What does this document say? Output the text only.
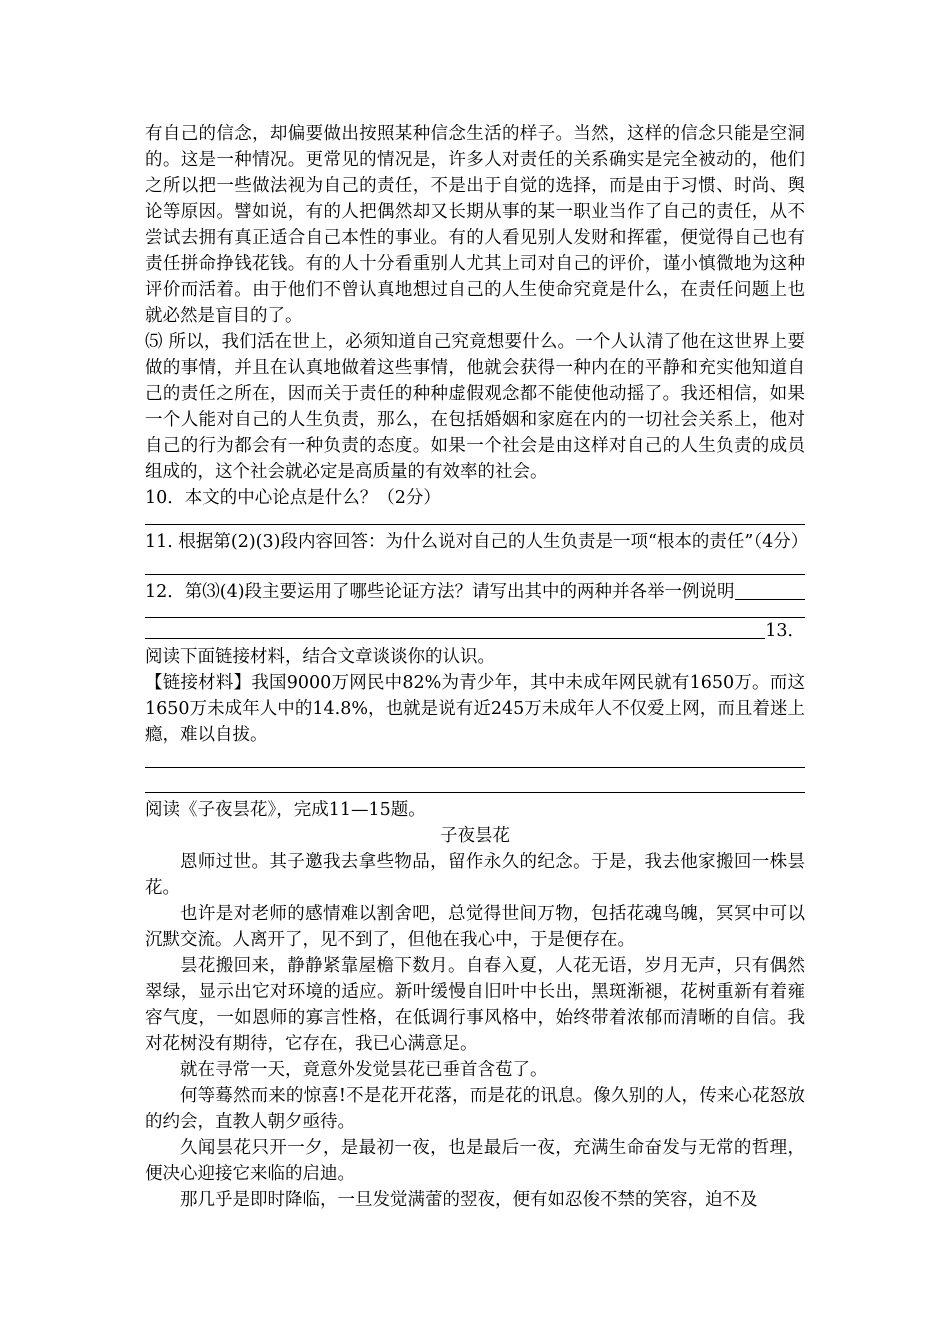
有自己的信念，却偏要做出按照某种信念生活的样子。当然，这样的信念只能是空洞的。这是一种情况。更常见的情况是，许多人对责任的关系确实是完全被动的，他们之所以把一些做法视为自己的责任，不是出于自觉的选择，而是由于习惯、时尚、舆论等原因。譬如说，有的人把偶然却又长期从事的某一职业当作了自己的责任，从不尝试去拥有真正适合自己本性的事业。有的人看见别人发财和挥霍，便觉得自己也有责任拼命挣钱花钱。有的人十分看重别人尤其上司对自己的评价，谨小慎微地为这种评价而活着。由于他们不曾认真地想过自己的人生使命究竟是什么，在责任问题上也就必然是盲目的了。

⑸ 所以，我们活在世上，必须知道自己究竟想要什么。一个人认清了他在这世界上要做的事情，并且在认真地做着这些事情，他就会获得一种内在的平静和充实他知道自己的责任之所在，因而关于责任的种种虚假观念都不能使他动摇了。我还相信，如果一个人能对自己的人生负责，那么，在包括婚姻和家庭在内的一切社会关系上，他对自己的行为都会有一种负责的态度。如果一个社会是由这样对自己的人生负责的成员组成的，这个社会就必定是高质量的有效率的社会。

10．本文的中心论点是什么？（2分）

11. 根据第(2)(3)段内容回答：为什么说对自己的人生负责是一项“根本的责任”（4分）

12．第⑶(4)段主要运用了哪些论证方法？请写出其中的两种并各举一例说明
13．

阅读下面链接材料，结合文章谈谈你的认识。

【链接材料】我国9000万网民中82%为青少年，其中未成年网民就有1650万。而这1650万未成年人中的14.8%，也就是说有近245万未成年人不仅爱上网，而且着迷上瘾，难以自拔。

阅读《子夜昙花》，完成11—15题。

子夜昙花

恩师过世。其子邀我去拿些物品，留作永久的纪念。于是，我去他家搬回一株昙花。

也许是对老师的感情难以割舍吧，总觉得世间万物，包括花魂鸟魄，冥冥中可以沉默交流。人离开了，见不到了，但他在我心中，于是便存在。

昙花搬回来，静静紧靠屋檐下数月。自春入夏，人花无语，岁月无声，只有偶然翠绿，显示出它对环境的适应。新叶缓慢自旧叶中长出，黑斑渐褪，花树重新有着雍容气度，一如恩师的寡言性格，在低调行事风格中，始终带着浓郁而清晰的自信。我对花树没有期待，它存在，我已心满意足。

就在寻常一天，竟意外发觉昙花已垂首含苞了。

何等蓦然而来的惊喜!不是花开花落，而是花的讯息。像久别的人，传来心花怒放的约会，直教人朝夕亟待。

久闻昙花只开一夕，是最初一夜，也是最后一夜，充满生命奋发与无常的哲理，便决心迎接它来临的启迪。

那几乎是即时降临，一旦发觉满蕾的翌夜，便有如忍俊不禁的笑容，迫不及
